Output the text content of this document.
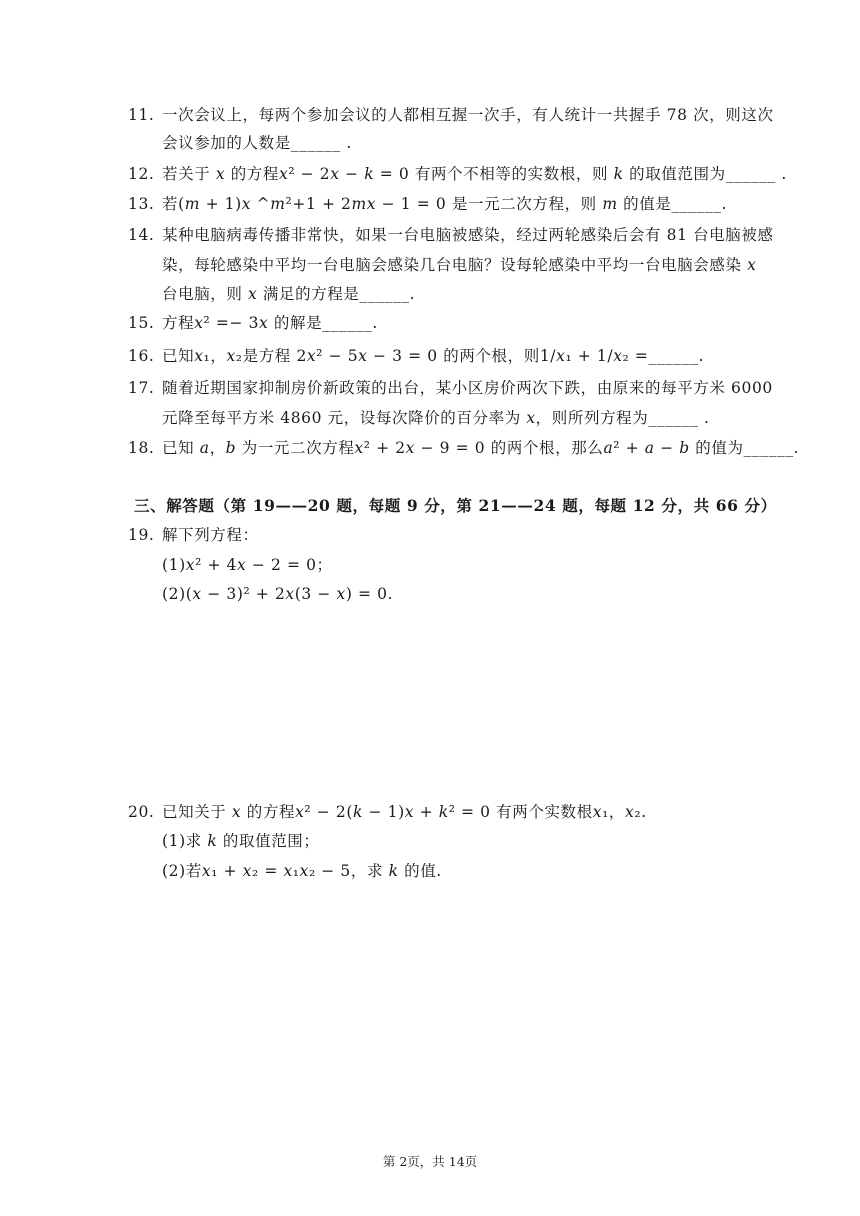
11. 一次会议上，每两个参加会议的人都相互握一次手，有人统计一共握手 78 次，则这次
会议参加的人数是______ .
12. 若关于 𝑥 的方程𝑥² − 2𝑥 − 𝑘 = 0 有两个不相等的实数根，则 𝑘 的取值范围为______ .
13. 若(𝑚 + 1)𝑥 ^𝑚²+1 + 2𝑚𝑥 − 1 = 0 是一元二次方程，则 𝑚 的值是______.
14. 某种电脑病毒传播非常快，如果一台电脑被感染，经过两轮感染后会有 81 台电脑被感
染，每轮感染中平均一台电脑会感染几台电脑？设每轮感染中平均一台电脑会感染 𝑥
台电脑，则 𝑥 满足的方程是______.
15. 方程𝑥² =− 3𝑥 的解是______.
16. 已知𝑥₁，𝑥₂是方程 2𝑥² − 5𝑥 − 3 = 0 的两个根，则1/𝑥₁ + 1/𝑥₂ =______.
17. 随着近期国家抑制房价新政策的出台，某小区房价两次下跌，由原来的每平方米 6000
元降至每平方米 4860 元，设每次降价的百分率为 𝑥，则所列方程为______ .
18. 已知 𝑎，𝑏 为一元二次方程𝑥² + 2𝑥 − 9 = 0 的两个根，那么𝑎² + 𝑎 − 𝑏 的值为______.
三、解答题（第 19——20 题，每题 9 分，第 21——24 题，每题 12 分，共 66 分）
19. 解下列方程：
(1)𝑥² + 4𝑥 − 2 = 0；
(2)(𝑥 − 3)² + 2𝑥(3 − 𝑥) = 0.
20. 已知关于 𝑥 的方程𝑥² − 2(𝑘 − 1)𝑥 + 𝑘² = 0 有两个实数根𝑥₁，𝑥₂.
(1)求 𝑘 的取值范围；
(2)若𝑥₁ + 𝑥₂ = 𝑥₁𝑥₂ − 5，求 𝑘 的值.
第 2页，共 14页
